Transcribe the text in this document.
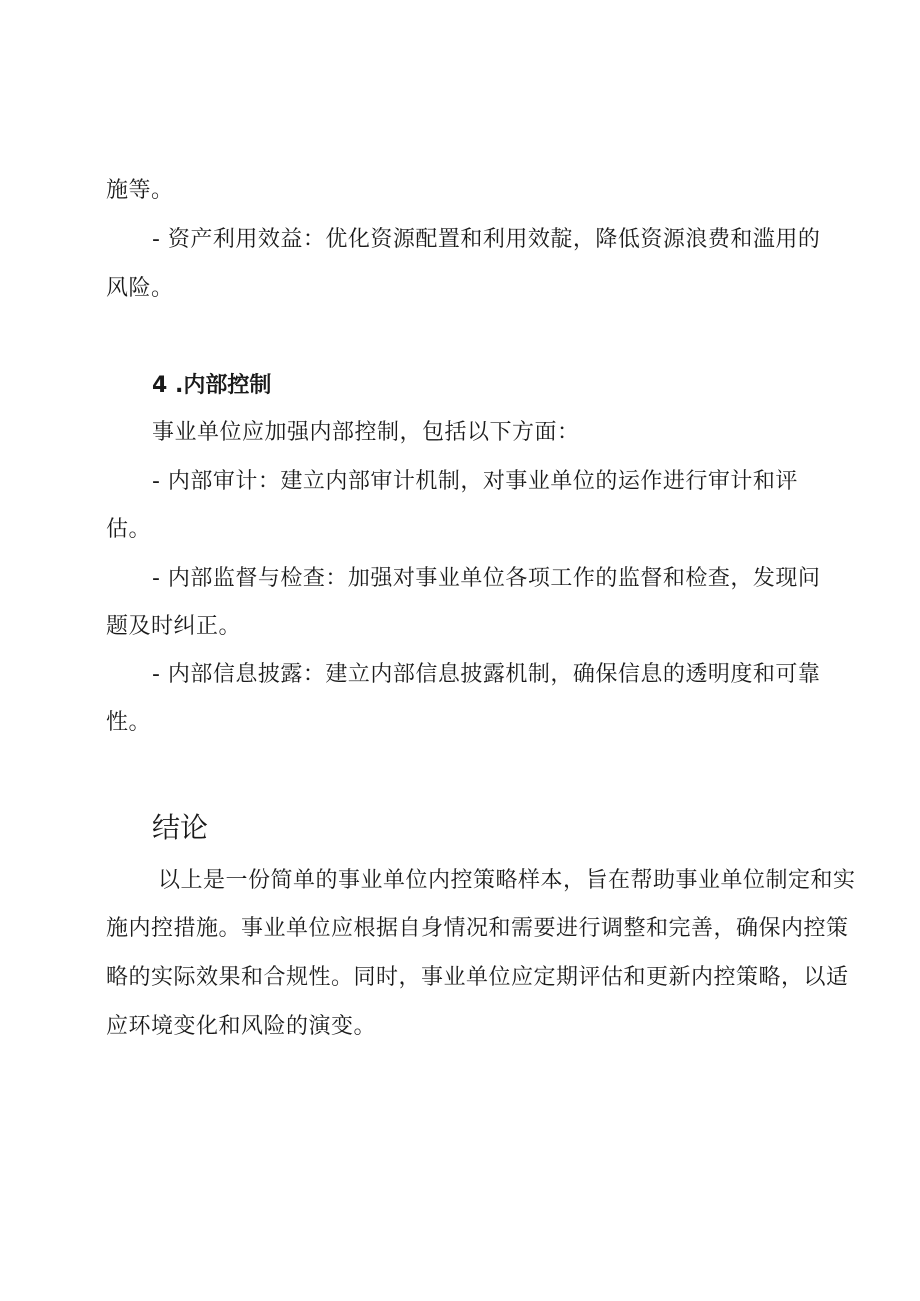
施等。
- 资产利用效益：优化资源配置和利用效靛，降低资源浪费和滥用的
风险。
4 .内部控制
事业单位应加强内部控制，包括以下方面：
- 内部审计：建立内部审计机制，对事业单位的运作进行审计和评
估。
- 内部监督与检查：加强对事业单位各项工作的监督和检查，发现问
题及时纠正。
- 内部信息披露：建立内部信息披露机制，确保信息的透明度和可靠
性。
结论
以上是一份简单的事业单位内控策略样本，旨在帮助事业单位制定和实
施内控措施。事业单位应根据自身情况和需要进行调整和完善，确保内控策
略的实际效果和合规性。同时，事业单位应定期评估和更新内控策略，以适
应环境变化和风险的演变。
